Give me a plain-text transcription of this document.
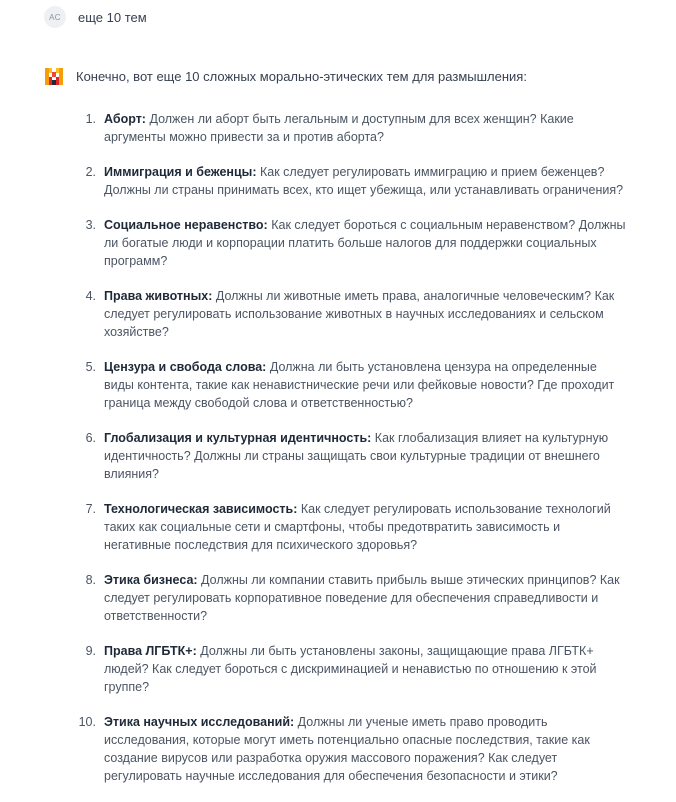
AC	еще 10 тем
Конечно, вот еще 10 сложных морально-этических тем для размышления:
1. Аборт: Должен ли аборт быть легальным и доступным для всех женщин? Какие аргументы можно привести за и против аборта?
2. Иммиграция и беженцы: Как следует регулировать иммиграцию и прием беженцев? Должны ли страны принимать всех, кто ищет убежища, или устанавливать ограничения?
3. Социальное неравенство: Как следует бороться с социальным неравенством? Должны ли богатые люди и корпорации платить больше налогов для поддержки социальных программ?
4. Права животных: Должны ли животные иметь права, аналогичные человеческим? Как следует регулировать использование животных в научных исследованиях и сельском хозяйстве?
5. Цензура и свобода слова: Должна ли быть установлена цензура на определенные виды контента, такие как ненавистнические речи или фейковые новости? Где проходит граница между свободой слова и ответственностью?
6. Глобализация и культурная идентичность: Как глобализация влияет на культурную идентичность? Должны ли страны защищать свои культурные традиции от внешнего влияния?
7. Технологическая зависимость: Как следует регулировать использование технологий таких как социальные сети и смартфоны, чтобы предотвратить зависимость и негативные последствия для психического здоровья?
8. Этика бизнеса: Должны ли компании ставить прибыль выше этических принципов? Как следует регулировать корпоративное поведение для обеспечения справедливости и ответственности?
9. Права ЛГБТК+: Должны ли быть установлены законы, защищающие права ЛГБТК+ людей? Как следует бороться с дискриминацией и ненавистью по отношению к этой группе?
10. Этика научных исследований: Должны ли ученые иметь право проводить исследования, которые могут иметь потенциально опасные последствия, такие как создание вирусов или разработка оружия массового поражения? Как следует регулировать научные исследования для обеспечения безопасности и этики?
